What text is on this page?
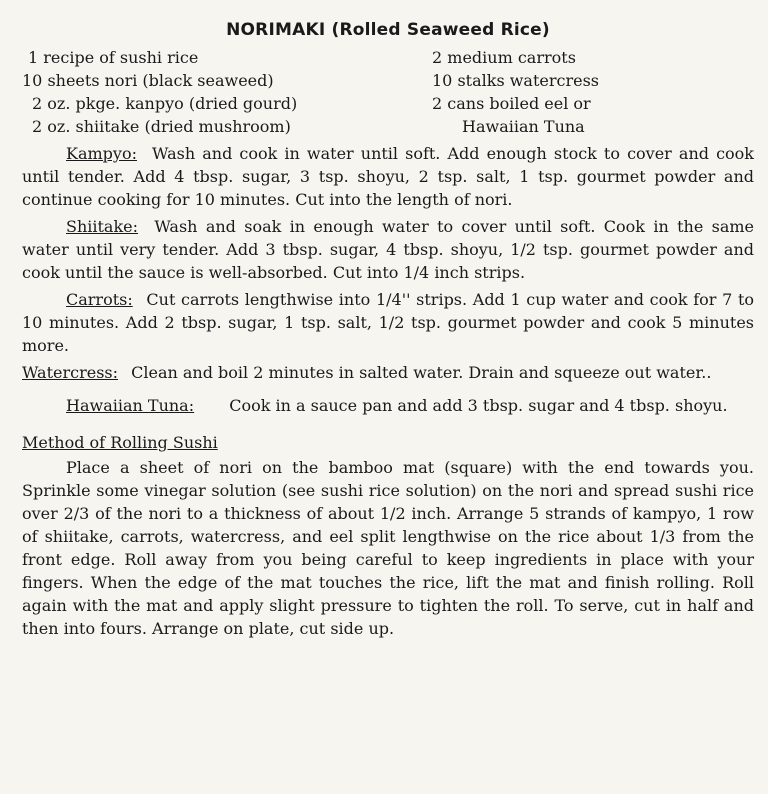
NORIMAKI (Rolled Seaweed Rice)
1 recipe of sushi rice
10 sheets nori (black seaweed)
2 oz. pkge. kanpyo (dried gourd)
2 oz. shiitake (dried mushroom)
2 medium carrots
10 stalks watercress
2 cans boiled eel or
Hawaiian Tuna
Kampyo: Wash and cook in water until soft. Add enough stock to cover and cook until tender. Add 4 tbsp. sugar, 3 tsp. shoyu, 2 tsp. salt, 1 tsp. gourmet powder and continue cooking for 10 minutes. Cut into the length of nori.
Shiitake: Wash and soak in enough water to cover until soft. Cook in the same water until very tender. Add 3 tbsp. sugar, 4 tbsp. shoyu, 1/2 tsp. gourmet powder and cook until the sauce is well-absorbed. Cut into 1/4 inch strips.
Carrots: Cut carrots lengthwise into 1/4'' strips. Add 1 cup water and cook for 7 to 10 minutes. Add 2 tbsp. sugar, 1 tsp. salt, 1/2 tsp. gourmet powder and cook 5 minutes more.
Watercress: Clean and boil 2 minutes in salted water. Drain and squeeze out water..
Hawaiian Tuna: Cook in a sauce pan and add 3 tbsp. sugar and 4 tbsp. shoyu.
Method of Rolling Sushi
Place a sheet of nori on the bamboo mat (square) with the end towards you. Sprinkle some vinegar solution (see sushi rice solution) on the nori and spread sushi rice over 2/3 of the nori to a thickness of about 1/2 inch. Arrange 5 strands of kampyo, 1 row of shiitake, carrots, watercress, and eel split lengthwise on the rice about 1/3 from the front edge. Roll away from you being careful to keep ingredients in place with your fingers. When the edge of the mat touches the rice, lift the mat and finish rolling. Roll again with the mat and apply slight pressure to tighten the roll. To serve, cut in half and then into fours. Arrange on plate, cut side up.
